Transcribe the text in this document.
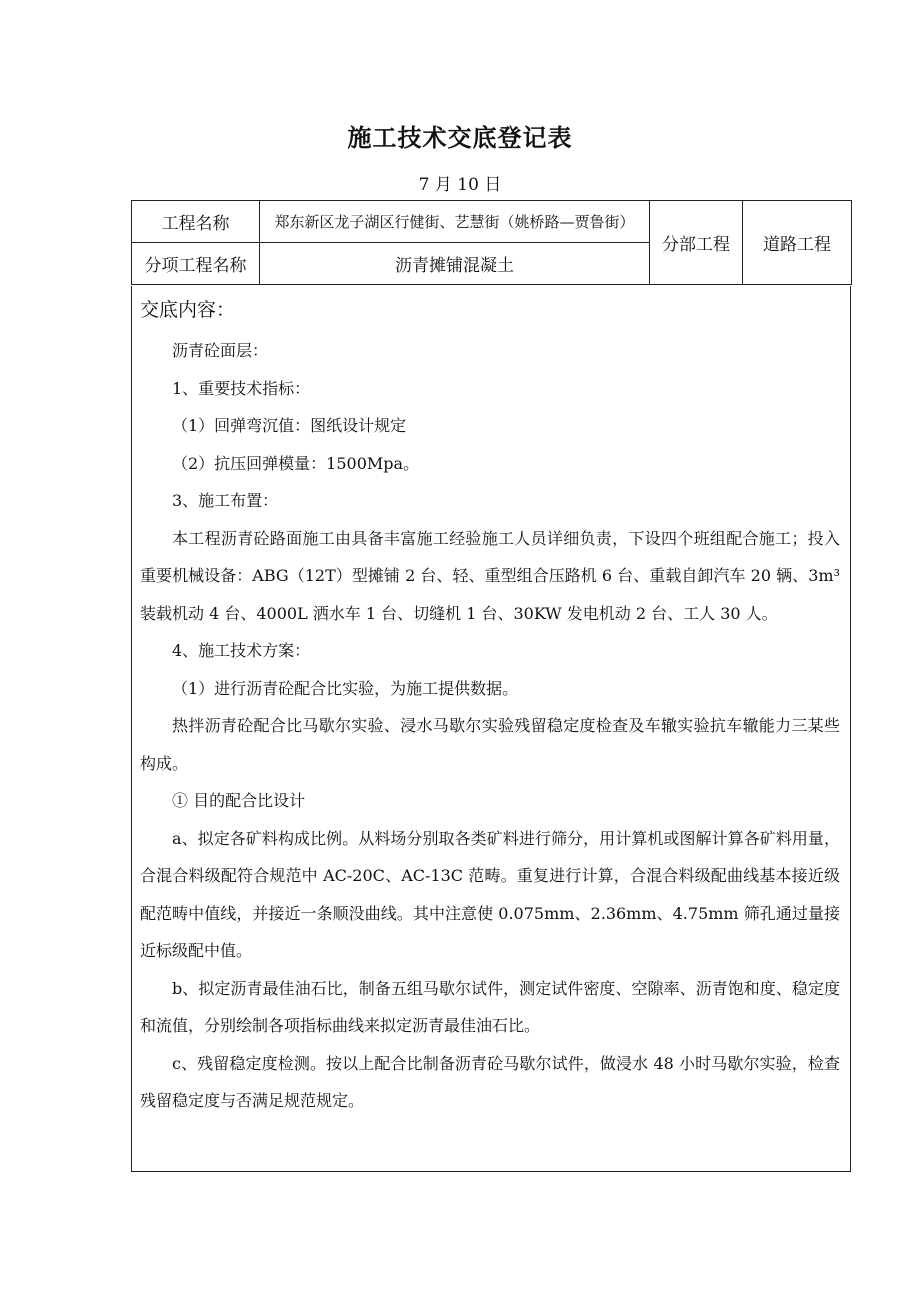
施工技术交底登记表
7 月 10 日
工程名称	郑东新区龙子湖区行健街、艺慧街（姚桥路—贾鲁街）	分部工程	道路工程
分项工程名称	沥青摊铺混凝土		
交底内容：

沥青砼面层：

1、重要技术指标：

（1）回弹弯沉值：图纸设计规定

（2）抗压回弹模量：1500Mpa。

3、施工布置：

本工程沥青砼路面施工由具备丰富施工经验施工人员详细负责，下设四个班组配合施工；投入重要机械设备：ABG（12T）型摊铺 2 台、轻、重型组合压路机 6 台、重载自卸汽车 20 辆、3m³装载机动 4 台、4000L 洒水车 1 台、切缝机 1 台、30KW 发电机动 2 台、工人 30 人。

4、施工技术方案：

（1）进行沥青砼配合比实验，为施工提供数据。

热拌沥青砼配合比马歇尔实验、浸水马歇尔实验残留稳定度检查及车辙实验抗车辙能力三某些构成。

① 目的配合比设计

a、拟定各矿料构成比例。从料场分别取各类矿料进行筛分，用计算机或图解计算各矿料用量，合混合料级配符合规范中 AC-20C、AC-13C 范畴。重复进行计算，合混合料级配曲线基本接近级配范畴中值线，并接近一条顺没曲线。其中注意使 0.075mm、2.36mm、4.75mm 筛孔通过量接近标级配中值。

b、拟定沥青最佳油石比，制备五组马歇尔试件，测定试件密度、空隙率、沥青饱和度、稳定度和流值，分别绘制各项指标曲线来拟定沥青最佳油石比。

c、残留稳定度检测。按以上配合比制备沥青砼马歇尔试件，做浸水 48 小时马歇尔实验，检查残留稳定度与否满足规范规定。
